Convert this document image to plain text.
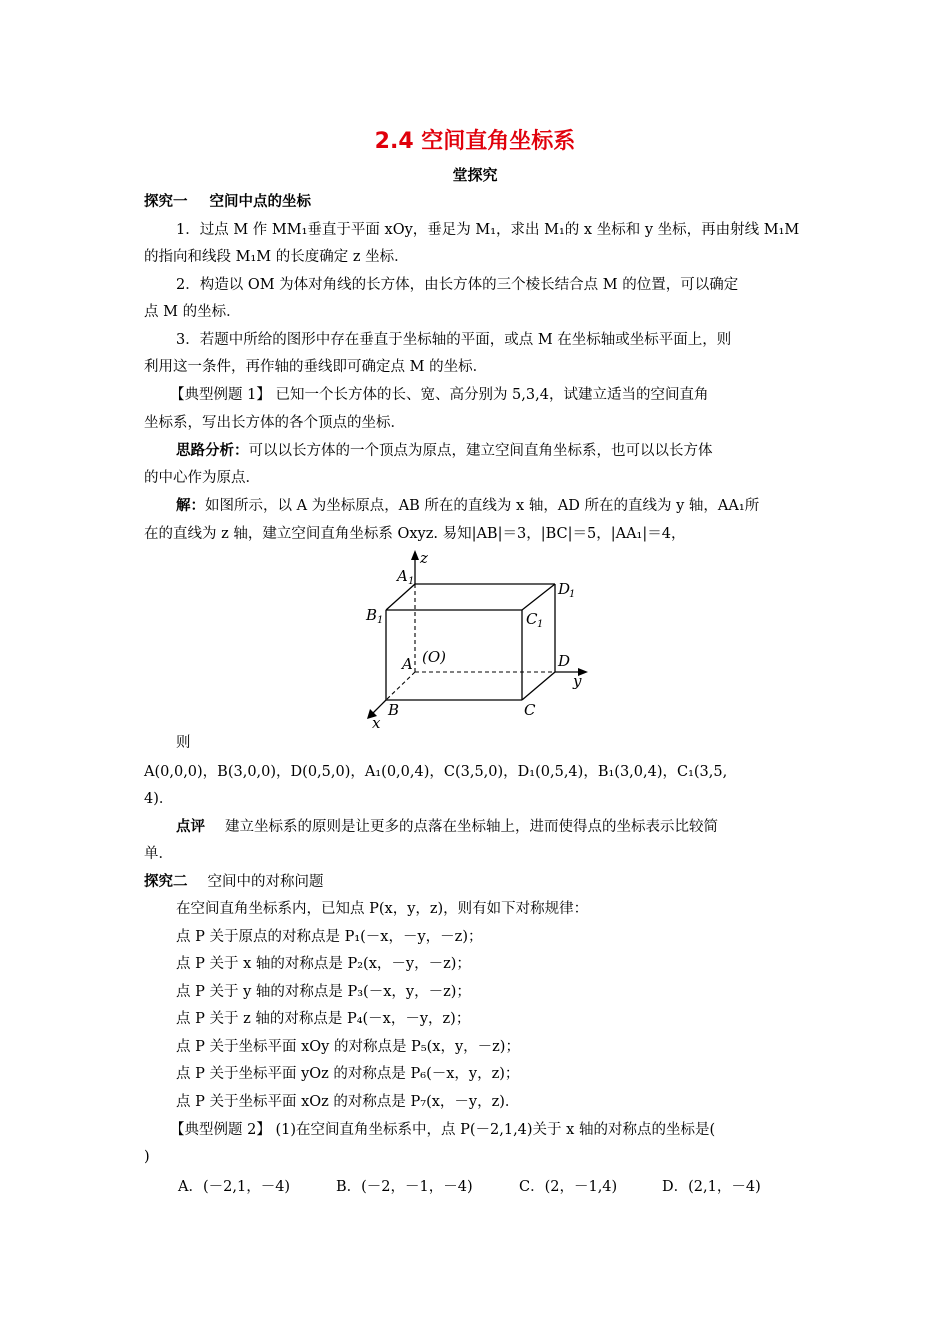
2.4 空间直角坐标系
堂探究
探究一 空间中点的坐标
1．过点 M 作 MM₁垂直于平面 xOy，垂足为 M₁，求出 M₁的 x 坐标和 y 坐标，再由射线 M₁M
的指向和线段 M₁M 的长度确定 z 坐标．
2．构造以 OM 为体对角线的长方体，由长方体的三个棱长结合点 M 的位置，可以确定
点 M 的坐标．
3．若题中所给的图形中存在垂直于坐标轴的平面，或点 M 在坐标轴或坐标平面上，则
利用这一条件，再作轴的垂线即可确定点 M 的坐标．
【典型例题 1】 已知一个长方体的长、宽、高分别为 5,3,4，试建立适当的空间直角
坐标系，写出长方体的各个顶点的坐标．
思路分析：可以以长方体的一个顶点为原点，建立空间直角坐标系，也可以以长方体
的中心作为原点．
解：如图所示，以 A 为坐标原点，AB 所在的直线为 x 轴，AD 所在的直线为 y 轴，AA₁所
在的直线为 z 轴，建立空间直角坐标系 Oxyz. 易知|AB|＝3，|BC|＝5，|AA₁|＝4，
z
A 1
B 1	C 1
D
1
A (O)	D
y
B	C
x
则
A(0,0,0)，B(3,0,0)，D(0,5,0)，A₁(0,0,4)，C(3,5,0)，D₁(0,5,4)，B₁(3,0,4)，C₁(3,5,
4)．
点评 建立坐标系的原则是让更多的点落在坐标轴上，进而使得点的坐标表示比较简
单．
探究二 空间中的对称问题
在空间直角坐标系内，已知点 P(x，y，z)，则有如下对称规律：
点 P 关于原点的对称点是 P₁(－x，－y，－z)；
点 P 关于 x 轴的对称点是 P₂(x，－y，－z)；
点 P 关于 y 轴的对称点是 P₃(－x，y，－z)；
点 P 关于 z 轴的对称点是 P₄(－x，－y，z)；
点 P 关于坐标平面 xOy 的对称点是 P₅(x，y，－z)；
点 P 关于坐标平面 yOz 的对称点是 P₆(－x，y，z)；
点 P 关于坐标平面 xOz 的对称点是 P₇(x，－y，z)．
【典型例题 2】 (1)在空间直角坐标系中，点 P(－2,1,4)关于 x 轴的对称点的坐标是(
)
A．(－2,1，－4)	B．(－2，－1，－4)	C．(2，－1,4)	D．(2,1，－4)
